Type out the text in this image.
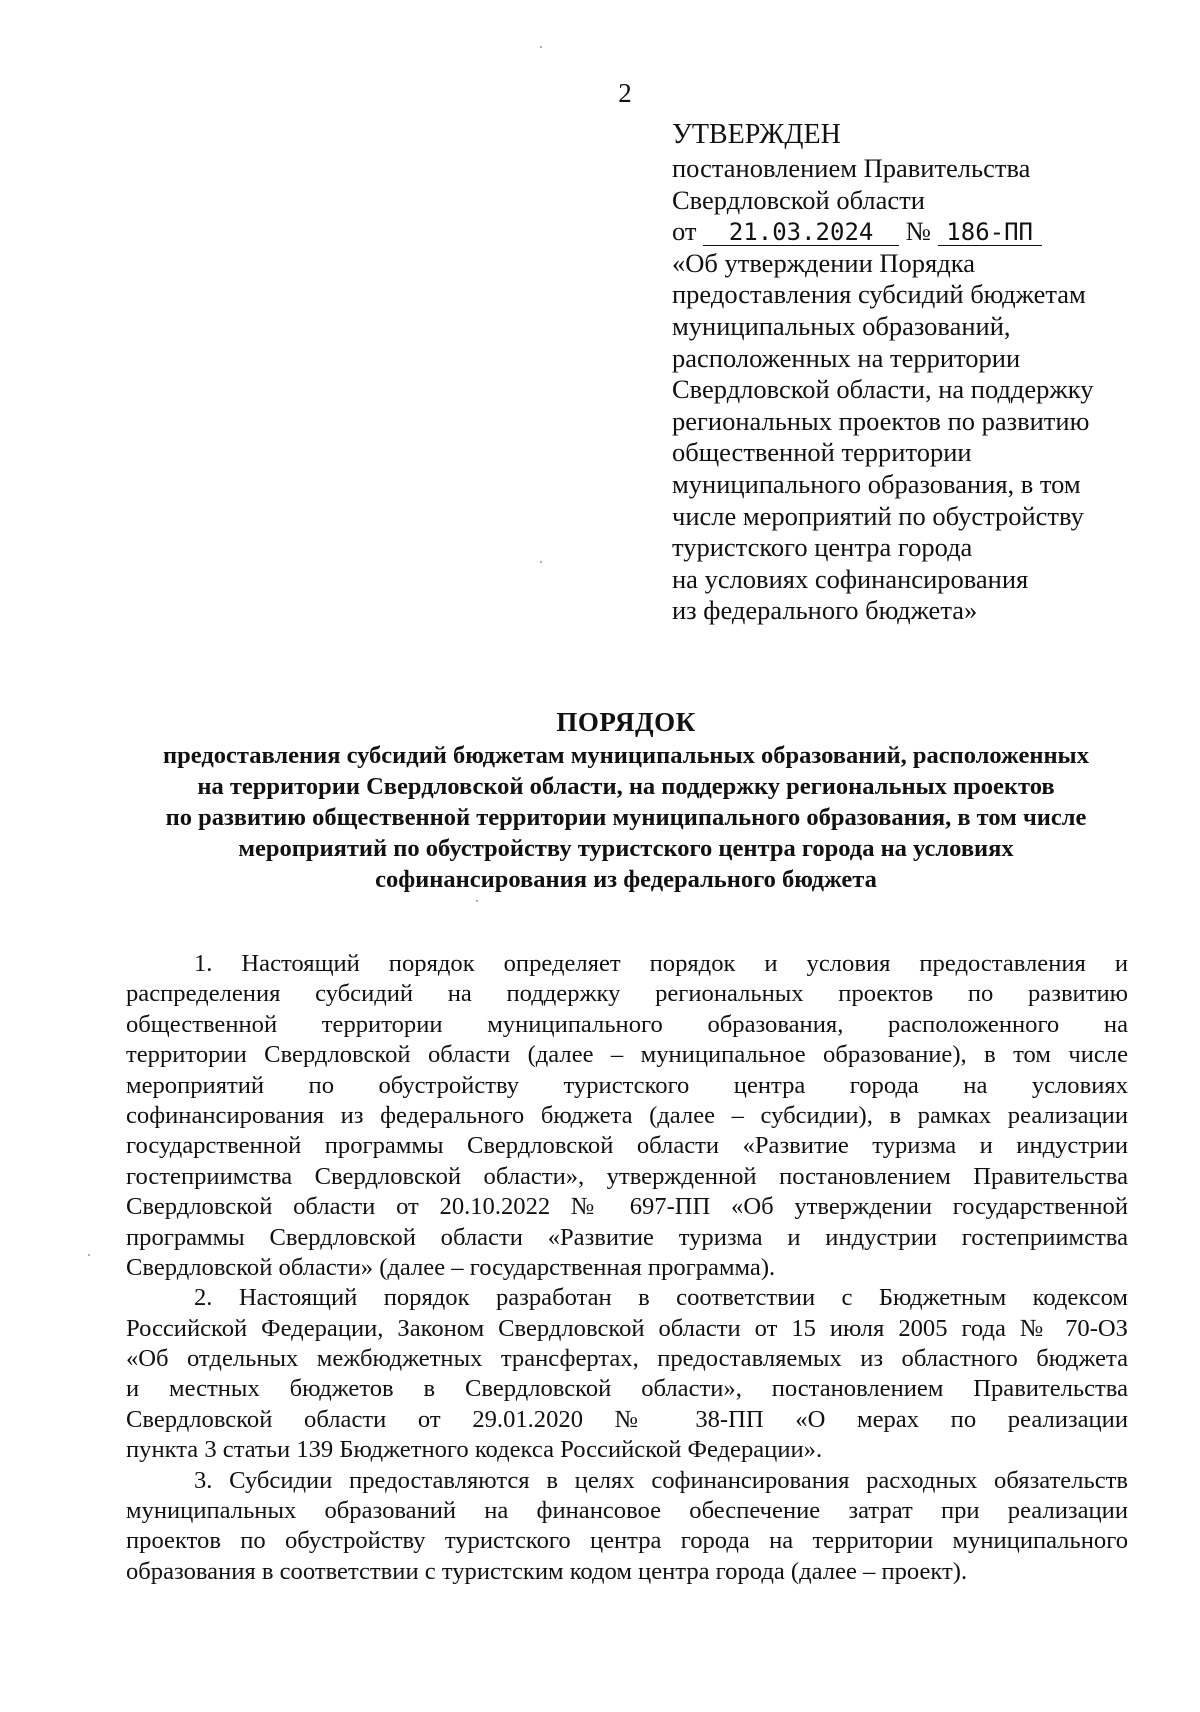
2
УТВЕРЖДЕН
постановлением Правительства
Свердловской области
от 21.03.2024 № 186-ПП
«Об утверждении Порядка
предоставления субсидий бюджетам
муниципальных образований,
расположенных на территории
Свердловской области, на поддержку
региональных проектов по развитию
общественной территории
муниципального образования, в том
числе мероприятий по обустройству
туристского центра города
на условиях софинансирования
из федерального бюджета»
ПОРЯДОК
предоставления субсидий бюджетам муниципальных образований, расположенных
на территории Свердловской области, на поддержку региональных проектов
по развитию общественной территории муниципального образования, в том числе
мероприятий по обустройству туристского центра города на условиях
софинансирования из федерального бюджета
1. Настоящий порядок определяет порядок и условия предоставления и
распределения субсидий на поддержку региональных проектов по развитию
общественной территории муниципального образования, расположенного на
территории Свердловской области (далее – муниципальное образование), в том числе
мероприятий по обустройству туристского центра города на условиях
софинансирования из федерального бюджета (далее – субсидии), в рамках реализации
государственной программы Свердловской области «Развитие туризма и индустрии
гостеприимства Свердловской области», утвержденной постановлением Правительства
Свердловской области от 20.10.2022 № 697-ПП «Об утверждении государственной
программы Свердловской области «Развитие туризма и индустрии гостеприимства
Свердловской области» (далее – государственная программа).
2. Настоящий порядок разработан в соответствии с Бюджетным кодексом
Российской Федерации, Законом Свердловской области от 15 июля 2005 года № 70-ОЗ
«Об отдельных межбюджетных трансфертах, предоставляемых из областного бюджета
и местных бюджетов в Свердловской области», постановлением Правительства
Свердловской области от 29.01.2020 № 38-ПП «О мерах по реализации
пункта 3 статьи 139 Бюджетного кодекса Российской Федерации».
3. Субсидии предоставляются в целях софинансирования расходных обязательств
муниципальных образований на финансовое обеспечение затрат при реализации
проектов по обустройству туристского центра города на территории муниципального
образования в соответствии с туристским кодом центра города (далее – проект).
